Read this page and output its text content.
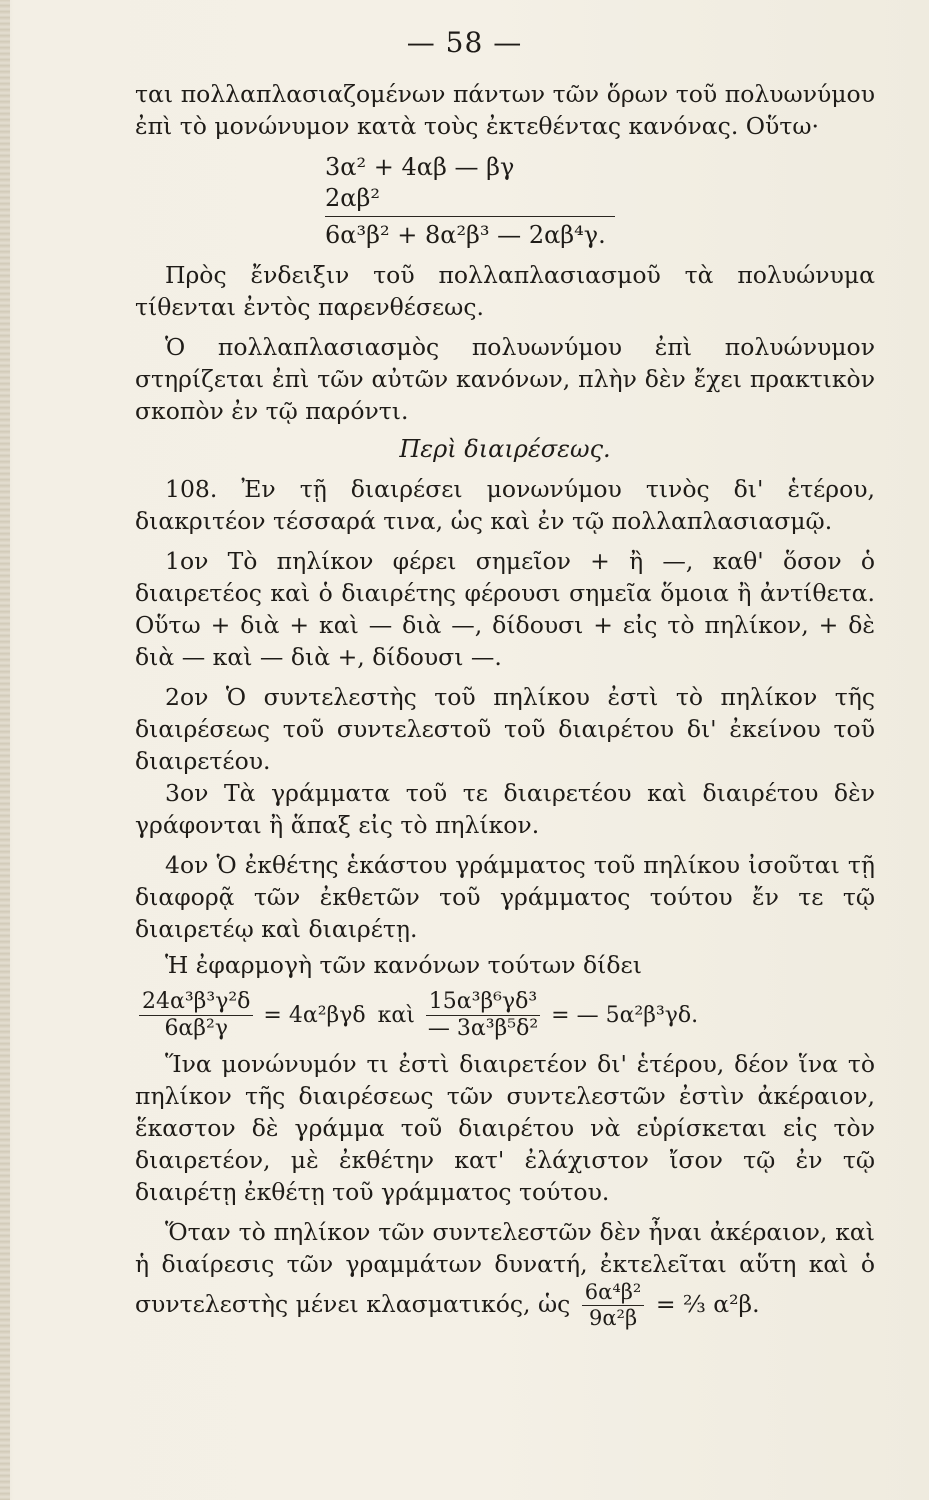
— 58 —

ται πολλαπλασιαζομένων πάντων τῶν ὅρων τοῦ πολυωνύμου ἐπὶ τὸ μονώνυμον κατὰ τοὺς ἐκτεθέντας κανόνας. Οὕτω·

3α² + 4αβ — βγ
2αβ²
6α³β² + 8α²β³ — 2αβ⁴γ.

Πρὸς ἔνδειξιν τοῦ πολλαπλασιασμοῦ τὰ πολυώνυμα τίθενται ἐντὸς παρενθέσεως.

Ὁ πολλαπλασιασμὸς πολυωνύμου ἐπὶ πολυώνυμον στηρίζεται ἐπὶ τῶν αὐτῶν κανόνων, πλὴν δὲν ἔχει πρακτικὸν σκοπὸν ἐν τῷ παρόντι.

Περὶ διαιρέσεως.

108. Ἐν τῇ διαιρέσει μονωνύμου τινὸς δι' ἑτέρου, διακριτέον τέσσαρά τινα, ὡς καὶ ἐν τῷ πολλαπλασιασμῷ.

1ον Τὸ πηλίκον φέρει σημεῖον + ἢ —, καθ' ὅσον ὁ διαιρετέος καὶ ὁ διαιρέτης φέρουσι σημεῖα ὅμοια ἢ ἀντίθετα. Οὕτω + διὰ + καὶ — διὰ —, δίδουσι + εἰς τὸ πηλίκον, + δὲ διὰ — καὶ — διὰ +, δίδουσι —.

2ον Ὁ συντελεστὴς τοῦ πηλίκου ἐστὶ τὸ πηλίκον τῆς διαιρέσεως τοῦ συντελεστοῦ τοῦ διαιρέτου δι' ἐκείνου τοῦ διαιρετέου.

3ον Τὰ γράμματα τοῦ τε διαιρετέου καὶ διαιρέτου δὲν γράφονται ἢ ἅπαξ εἰς τὸ πηλίκον.

4ον Ὁ ἐκθέτης ἑκάστου γράμματος τοῦ πηλίκου ἰσοῦται τῇ διαφορᾷ τῶν ἐκθετῶν τοῦ γράμματος τούτου ἔν τε τῷ διαιρετέῳ καὶ διαιρέτῃ.

Ἡ ἐφαρμογὴ τῶν κανόνων τούτων δίδει

$\frac{\text{24α³β³γ²δ}}{\text{6αβ²γ}} = 4\alpha^2\beta\gamma\delta$ καὶ $\frac{\text{15α³β⁶γδ³}}{\text{— 3α³β⁵δ²}}$ = — 5α²β³γδ.

Ἵνα μονώνυμόν τι ἐστὶ διαιρετέον δι' ἑτέρου, δέον ἵνα τὸ πηλίκον τῆς διαιρέσεως τῶν συντελεστῶν ἐστὶν ἀκέραιον, ἕκαστον δὲ γράμμα τοῦ διαιρέτου νὰ εὑρίσκεται εἰς τὸν διαιρετέον, μὲ ἐκθέτην κατ' ἐλάχιστον ἴσον τῷ ἐν τῷ διαιρέτῃ ἐκθέτῃ τοῦ γράμματος τούτου.

Ὅταν τὸ πηλίκον τῶν συντελεστῶν δὲν ἦναι ἀκέραιον, καὶ ἡ διαίρεσις τῶν γραμμάτων δυνατή, ἐκτελεῖται αὕτη καὶ ὁ συντελεστὴς μένει κλασματικός, ὡς $\frac{\text{6α⁴β²}}{\text{9α²β}}$ = ⅔ α²β.
